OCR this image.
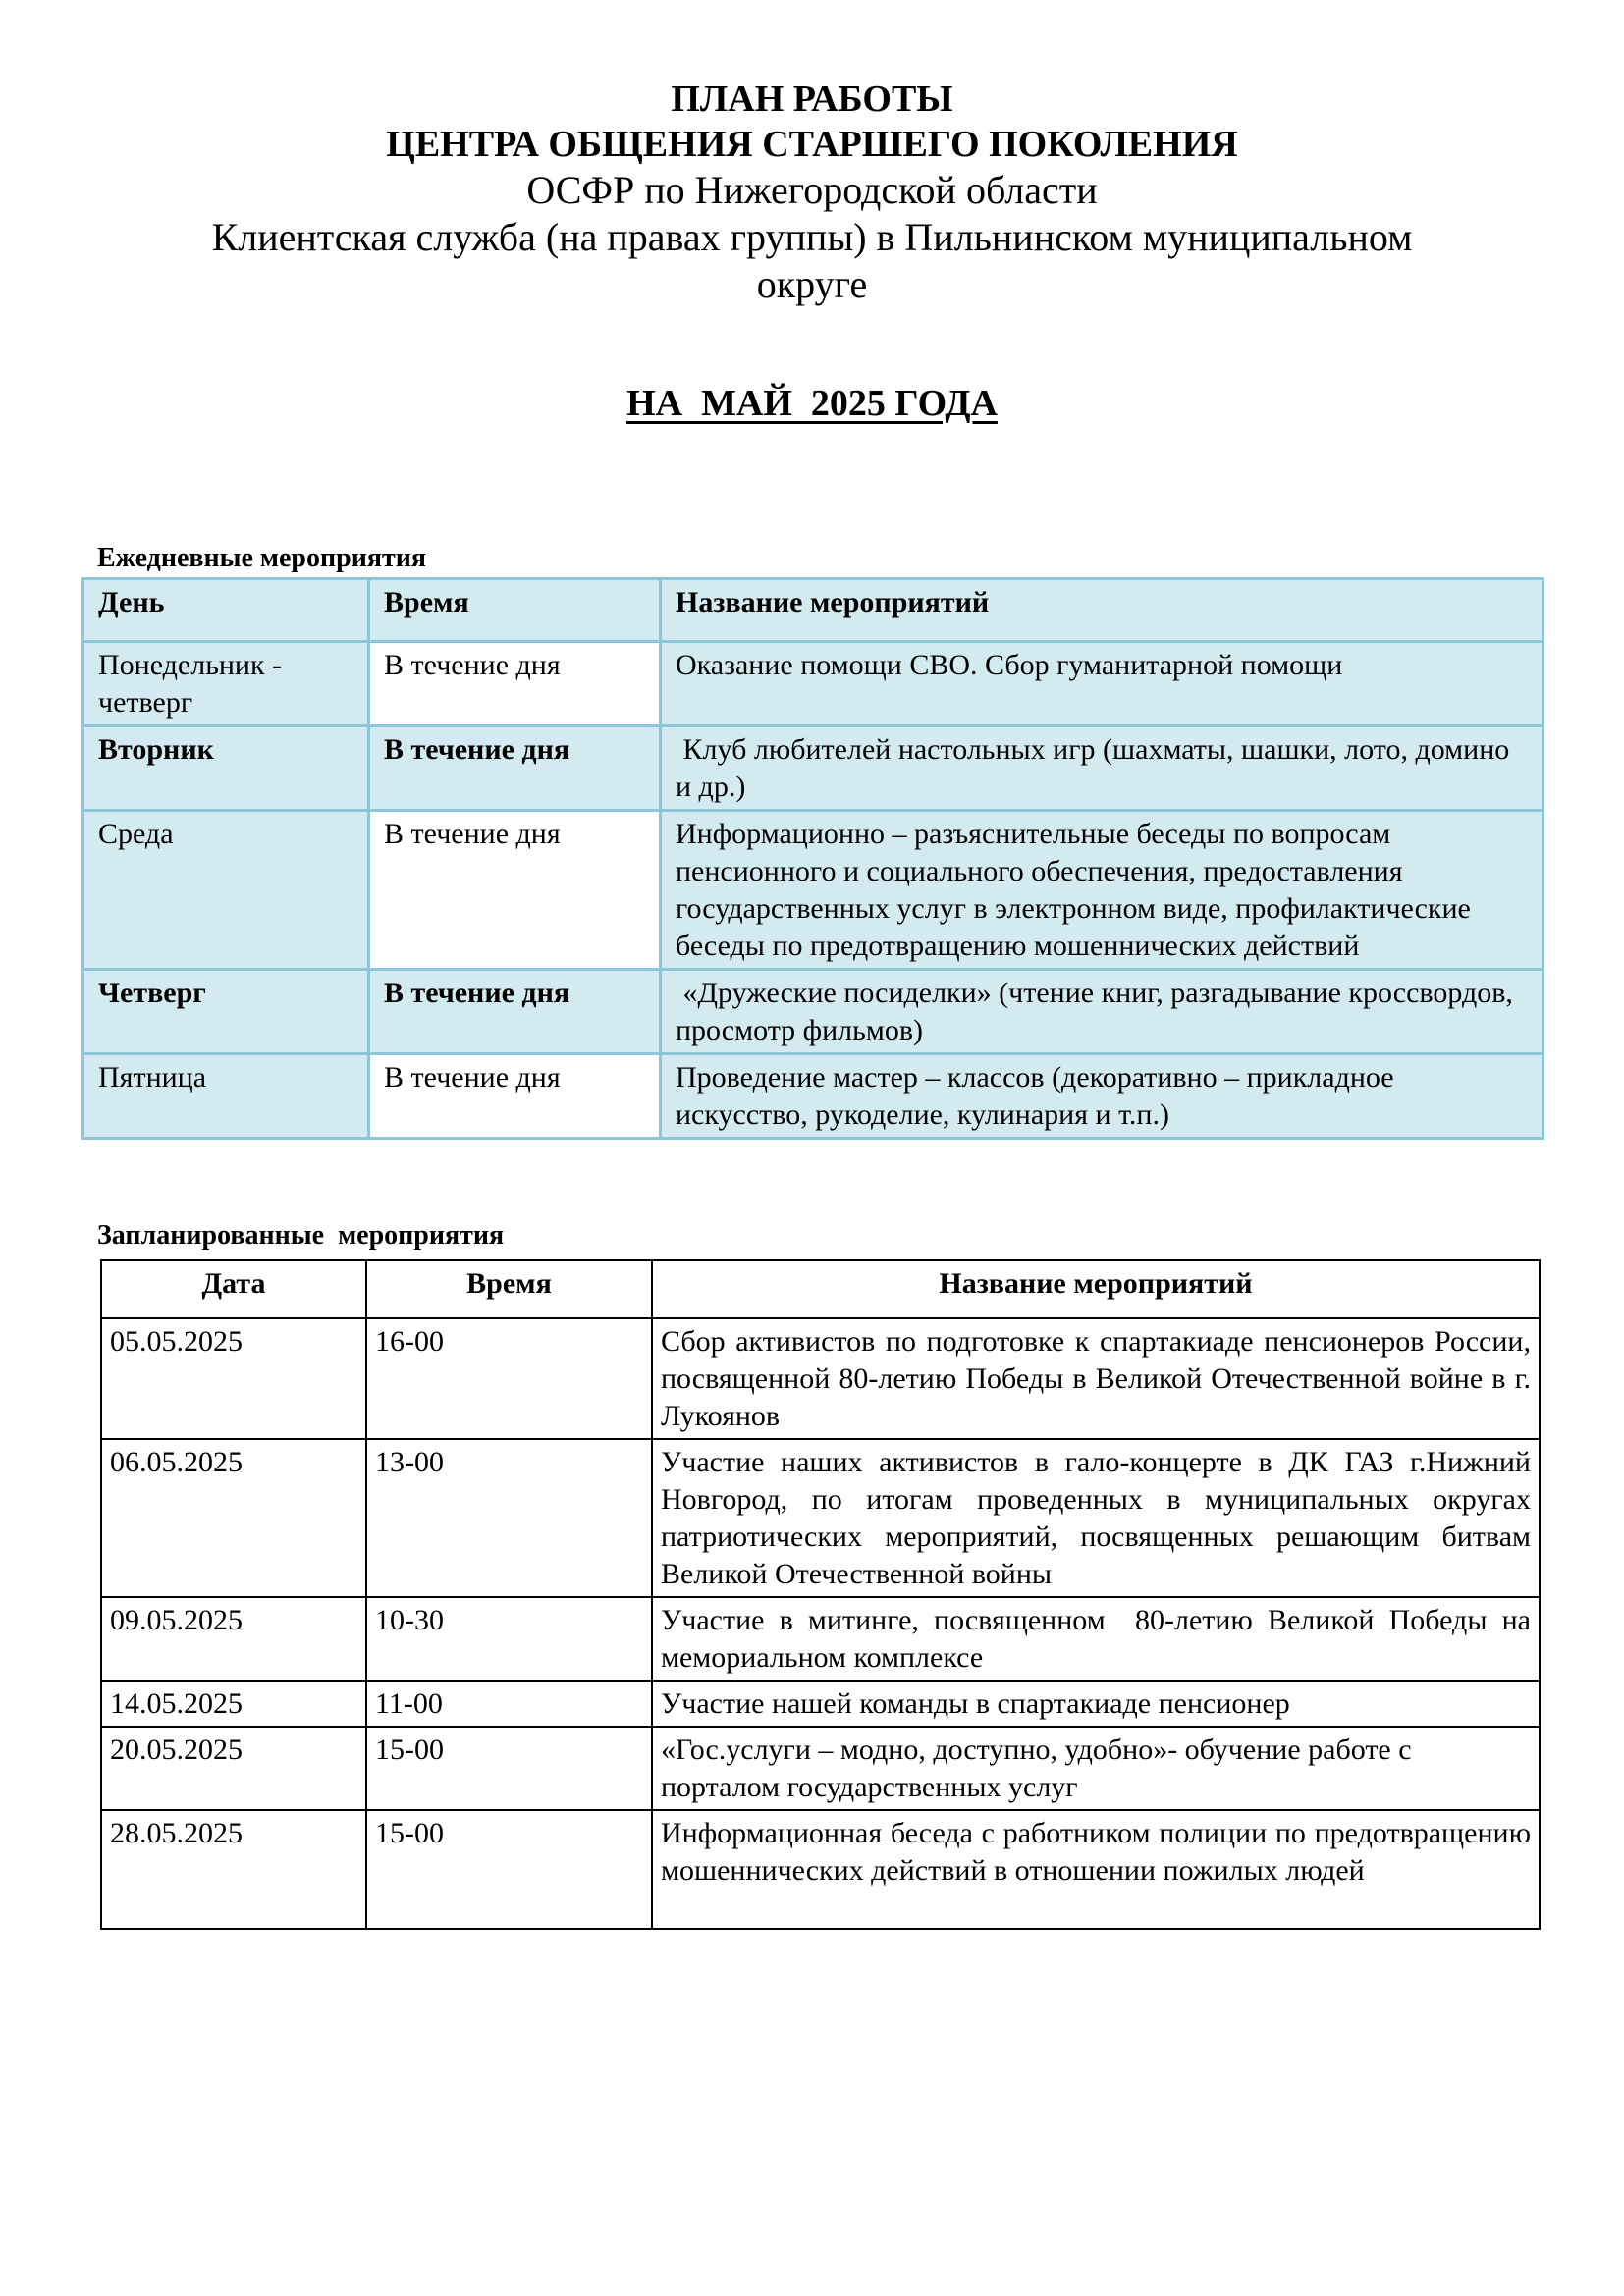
ПЛАН РАБОТЫ
ЦЕНТРА ОБЩЕНИЯ СТАРШЕГО ПОКОЛЕНИЯ
ОСФР по Нижегородской области
Клиентская служба (на правах группы) в Пильнинском муниципальном округе
НА  МАЙ  2025 ГОДА
Ежедневные мероприятия
День	Время	Название мероприятий
Понедельник - четверг	В течение дня	Оказание помощи СВО. Сбор гуманитарной помощи
Вторник	В течение дня	Клуб любителей настольных игр (шахматы, шашки, лото, домино и др.)
Среда	В течение дня	Информационно – разъяснительные беседы по вопросам пенсионного и социального обеспечения, предоставления государственных услуг в электронном виде, профилактические беседы по предотвращению мошеннических действий
Четверг	В течение дня	«Дружеские посиделки» (чтение книг, разгадывание кроссвордов, просмотр фильмов)
Пятница	В течение дня	Проведение мастер – классов (декоративно – прикладное искусство, рукоделие, кулинария и т.п.)
Запланированные  мероприятия
Дата	Время	Название мероприятий
05.05.2025	16-00	Сбор активистов по подготовке к спартакиаде пенсионеров России, посвященной 80-летию Победы в Великой Отечественной войне в г. Лукоянов
06.05.2025	13-00	Участие наших активистов в гало-концерте в ДК ГАЗ г.Нижний Новгород, по итогам проведенных в муниципальных округах патриотических мероприятий, посвященных решающим битвам Великой Отечественной войны
09.05.2025	10-30	Участие в митинге, посвященном  80-летию Великой Победы на мемориальном комплексе
14.05.2025	11-00	Участие нашей команды в спартакиаде пенсионер
20.05.2025	15-00	«Гос.услуги – модно, доступно, удобно»- обучение работе с порталом государственных услуг
28.05.2025	15-00	Информационная беседа с работником полиции по предотвращению мошеннических действий в отношении пожилых людей
